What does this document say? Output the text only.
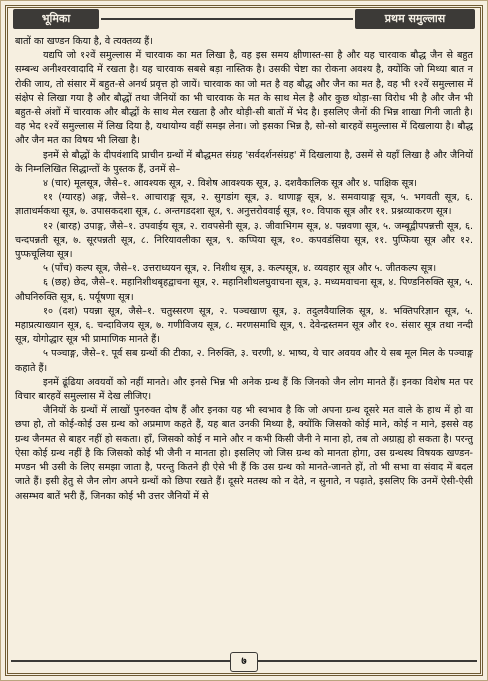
भूमिका	प्रथम समुल्लास

बातों का खण्डन किया है, वे त्यक्तव्य हैं।

यद्यपि जो १२वें समुल्लास में चारवाक का मत लिखा है, वह इस समय क्षीणास्त-सा है और यह चारवाक बौद्ध जैन से बहुत सम्बन्ध अनीश्वरवादादि में रखता है। यह चारवाक सबसे बड़ा नास्तिक है। उसकी चेष्टा का रोकना अवश्य है, क्योंकि जो मिथ्या बात न रोकी जाय, तो संसार में बहुत-से अनर्थ प्रवृत्त हो जायें। चारवाक का जो मत है वह बौद्ध और जैन का मत है, वह भी १२वें समुल्लास में संक्षेप से लिखा गया है और बौद्धों तथा जैनियों का भी चारवाक के मत के साथ मेल है और कुछ थोड़ा-सा विरोध भी है और जैन भी बहुत-से अंशों में चारवाक और बौद्धों के साथ मेल रखता है और थोड़ी-सी बातों में भेद है। इसलिए जैनों की भिन्न शाखा गिनी जाती है। वह भेद १२वें समुल्लास में लिख दिया है, यथायोग्य वहीं समझ लेना। जो इसका भिन्न है, सो-सो बारहवें समुल्लास में दिखलाया है। बौद्ध और जैन मत का विषय भी लिखा है।

इनमें से बौद्धों के दीपवंशादि प्राचीन ग्रन्थों में बौद्धमत संग्रह 'सर्वदर्शनसंग्रह' में दिखलाया है, उसमें से यहाँ लिखा है और जैनियों के निम्नलिखित सिद्धान्तों के पुस्तक हैं, उनमें से–

४ (चार) मूलसूत्र, जैसे–१. आवश्यक सूत्र, २. विशेष आवश्यक सूत्र, ३. दशवैकालिक सूत्र और ४. पाक्षिक सूत्र।

११ (ग्यारह) अङ्ग, जैसे–१. आचाराङ्ग सूत्र, २. सुगडांग सूत्र, ३. थाणाङ्ग सूत्र, ४. समवायाङ्ग सूत्र, ५. भगवती सूत्र, ६. ज्ञाताधर्मकथा सूत्र, ७. उपासकदशा सूत्र, ८. अन्तगडदशा सूत्र, ९. अनुत्तरोववाई सूत्र, १०. विपाक सूत्र और ११. प्रश्नव्याकरण सूत्र।

१२ (बारह) उपाङ्ग, जैसे–१. उपवाईय सूत्र, २. रावपसेनी सूत्र, ३. जीवाभिगम सूत्र, ४. पन्नवणा सूत्र, ५. जम्बूद्वीपपन्नत्ती सूत्र, ६. चन्दपन्नती सूत्र, ७. सूरपन्नती सूत्र, ८. निरियावलीका सूत्र, ९. कप्पिया सूत्र, १०. कपवडंसिया सूत्र, ११. पुप्फिया सूत्र और १२. पुप्फचूलिया सूत्र।

५ (पाँच) कल्प सूत्र, जैसे–१. उत्तराध्ययन सूत्र, २. निशीथ सूत्र, ३. कल्पसूत्र, ४. व्यवहार सूत्र और ५. जीतकल्प सूत्र।

६ (छह) छेद, जैसे–१. महानिशीथबृहद्वाचना सूत्र, २. महानिशीथलघुवाचना सूत्र, ३. मध्यमवाचना सूत्र, ४. पिण्डनिरुक्ति सूत्र, ५. औघनिरुक्ति सूत्र, ६. पर्यूषणा सूत्र।

१० (दश) पयन्ना सूत्र, जैसे–१. चतुस्सरण सूत्र, २. पञ्चखाण सूत्र, ३. तदुलवैयालिक सूत्र, ४. भक्तिपरिज्ञान सूत्र, ५. महाप्रत्याख्यान सूत्र, ६. चन्दाविजय सूत्र, ७. गणीविजय सूत्र, ८. मरणसमाधि सूत्र, ९. देवेन्द्रस्तमन सूत्र और १०. संसार सूत्र तथा नन्दी सूत्र, योगोद्धार सूत्र भी प्रामाणिक मानते हैं।

५ पञ्चाङ्ग, जैसे–१. पूर्व सब ग्रन्थों की टीका, २. निरुक्ति, ३. चरणी, ४. भाष्य, ये चार अवयव और ये सब मूल मिल के पञ्चाङ्ग कहाते हैं।

इनमें ढूंढिया अवयवों को नहीं मानते। और इनसे भिन्न भी अनेक ग्रन्थ हैं कि जिनको जैन लोग मानते हैं। इनका विशेष मत पर विचार बारहवें समुल्लास में देख लीजिए।

जैनियों के ग्रन्थों में लाखों पुनरुक्त दोष हैं और इनका यह भी स्वभाव है कि जो अपना ग्रन्थ दूसरे मत वाले के हाथ में हो वा छपा हो, तो कोई-कोई उस ग्रन्थ को अप्रमाण कहते हैं, यह बात उनकी मिथ्या है, क्योंकि जिसको कोई माने, कोई न माने, इससे वह ग्रन्थ जैनमत से बाहर नहीं हो सकता। हाँ, जिसको कोई न माने और न कभी किसी जैनी ने माना हो, तब तो अग्राह्य हो सकता है। परन्तु ऐसा कोई ग्रन्थ नहीं है कि जिसको कोई भी जैनी न मानता हो। इसलिए जो जिस ग्रन्थ को मानता होगा, उस ग्रन्थस्थ विषयक खण्डन-मण्डन भी उसी के लिए समझा जाता है, परन्तु कितने ही ऐसे भी हैं कि उस ग्रन्थ को मानते-जानते हों, तो भी सभा वा संवाद में बदल जाते हैं। इसी हेतु से जैन लोग अपने ग्रन्थों को छिपा रखते हैं। दूसरे मतस्थ को न देते, न सुनाते, न पढ़ाते, इसलिए कि उनमें ऐसी-ऐसी असम्भव बातें भरी हैं, जिनका कोई भी उत्तर जैनियों में से

७
